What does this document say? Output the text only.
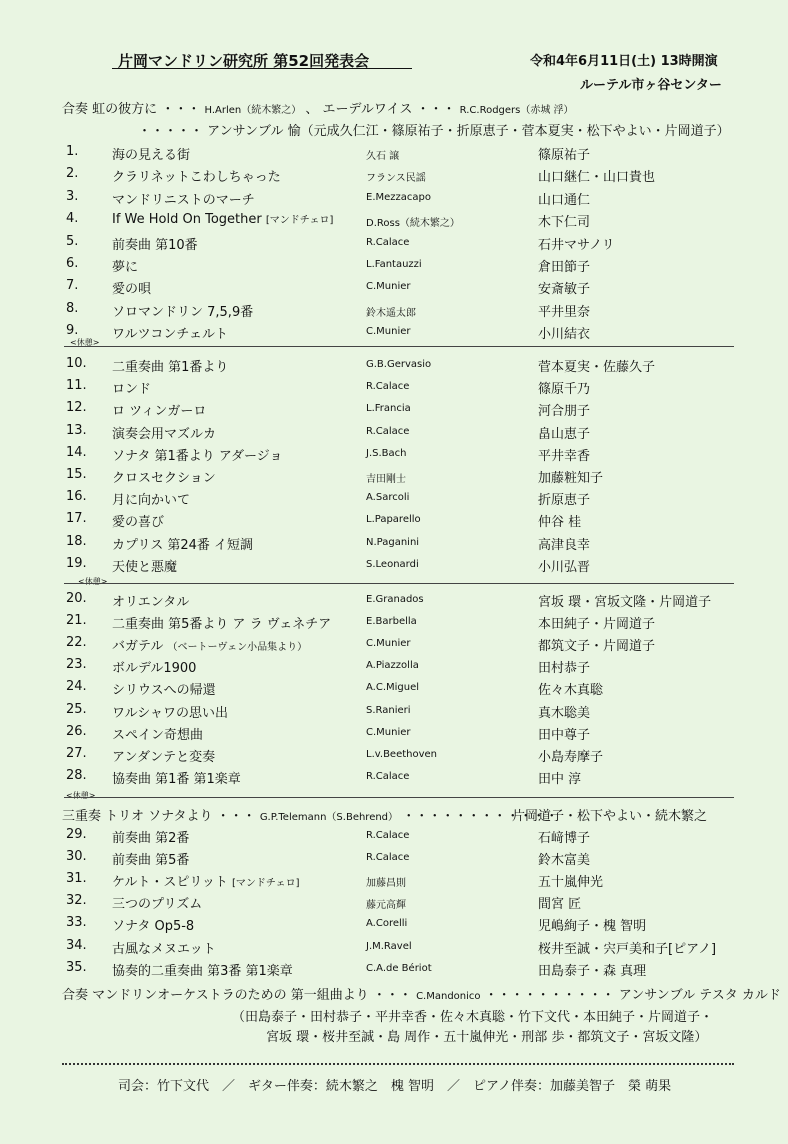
片岡マンドリン研究所 第52回発表会	令和4年6月11日(土) 13時開演
ルーテル市ヶ谷センター
合奏 虹の彼方に ・・・ H.Arlen（続木繁之） 、 エーデルワイス ・・・ R.C.Rodgers（赤城 浮）
・・・・・ アンサンブル 愉（元成久仁江・篠原祐子・折原恵子・菅本夏実・松下やよい・片岡道子）
1.	海の見える街	久石 譲	篠原祐子
2.	クラリネットこわしちゃった	フランス民謡	山口継仁・山口貴也
3.	マンドリニストのマーチ	E.Mezzacapo	山口通仁
4.	If We Hold On Together [マンドチェロ]	D.Ross（続木繁之）	木下仁司
5.	前奏曲 第10番	R.Calace	石井マサノリ
6.	夢に	L.Fantauzzi	倉田節子
7.	愛の唄	C.Munier	安斎敏子
8.	ソロマンドリン 7,5,9番	鈴木遥太郎	平井里奈
9.	ワルツコンチェルト	C.Munier	小川結衣
<休憩>
10. 二重奏曲 第1番より	G.B.Gervasio	菅本夏実・佐藤久子
11. ロンド	R.Calace	篠原千乃
12. ロ ツィンガーロ	L.Francia	河合朋子
13. 演奏会用マズルカ	R.Calace	畠山恵子
14. ソナタ 第1番より アダージョ	J.S.Bach	平井幸香
15. クロスセクション	吉田剛士	加藤粧知子
16. 月に向かいて	A.Sarcoli	折原恵子
17. 愛の喜び	L.Paparello	仲谷 桂
18. カプリス 第24番 イ短調	N.Paganini	高津良幸
19. 天使と悪魔	S.Leonardi	小川弘晋
<休憩>
20. オリエンタル	E.Granados	宮坂 環・宮坂文隆・片岡道子
21. 二重奏曲 第5番より ア ラ ヴェネチア	E.Barbella	本田純子・片岡道子
22. バガテル （ベートーヴェン小品集より）	C.Munier	都筑文子・片岡道子
23. ボルデル1900	A.Piazzolla	田村恭子
24. シリウスへの帰還	A.C.Miguel	佐々木真聡
25. ワルシャワの思い出	S.Ranieri	真木聡美
26. スペイン奇想曲	C.Munier	田中尊子
27. アンダンテと変奏	L.v.Beethoven	小島寿摩子
28. 協奏曲 第1番 第1楽章	R.Calace	田中 淳
<休憩>
三重奏 トリオ ソナタより ・・・ G.P.Telemann（S.Behrend） ・・・・・・・・・・・・
片岡道子・松下やよい・続木繁之
29. 前奏曲 第2番	R.Calace	石﨑博子
30. 前奏曲 第5番	R.Calace	鈴木富美
31. ケルト・スピリット [マンドチェロ]	加藤昌則	五十嵐伸光
32. 三つのプリズム	藤元高輝	間宮 匠
33. ソナタ Op5-8	A.Corelli	児嶋絢子・槐 智明
34. 古風なメヌエット	J.M.Ravel	桜井至誠・宍戸美和子[ピアノ]
35. 協奏的二重奏曲 第3番 第1楽章	C.A.de Bériot	田島泰子・森 真理
合奏 マンドリンオーケストラのための 第一組曲より ・・・ C.Mandonico ・・・・・・・・・・ アンサンブル テスタ カルド
（田島泰子・田村恭子・平井幸香・佐々木真聡・竹下文代・本田純子・片岡道子・
宮坂 環・桜井至誠・島 周作・五十嵐伸光・刑部 歩・都筑文子・宮坂文隆）
司会：竹下文代　／　ギター伴奏：続木繁之　槐 智明　／　ピアノ伴奏：加藤美智子　榮 萌果
